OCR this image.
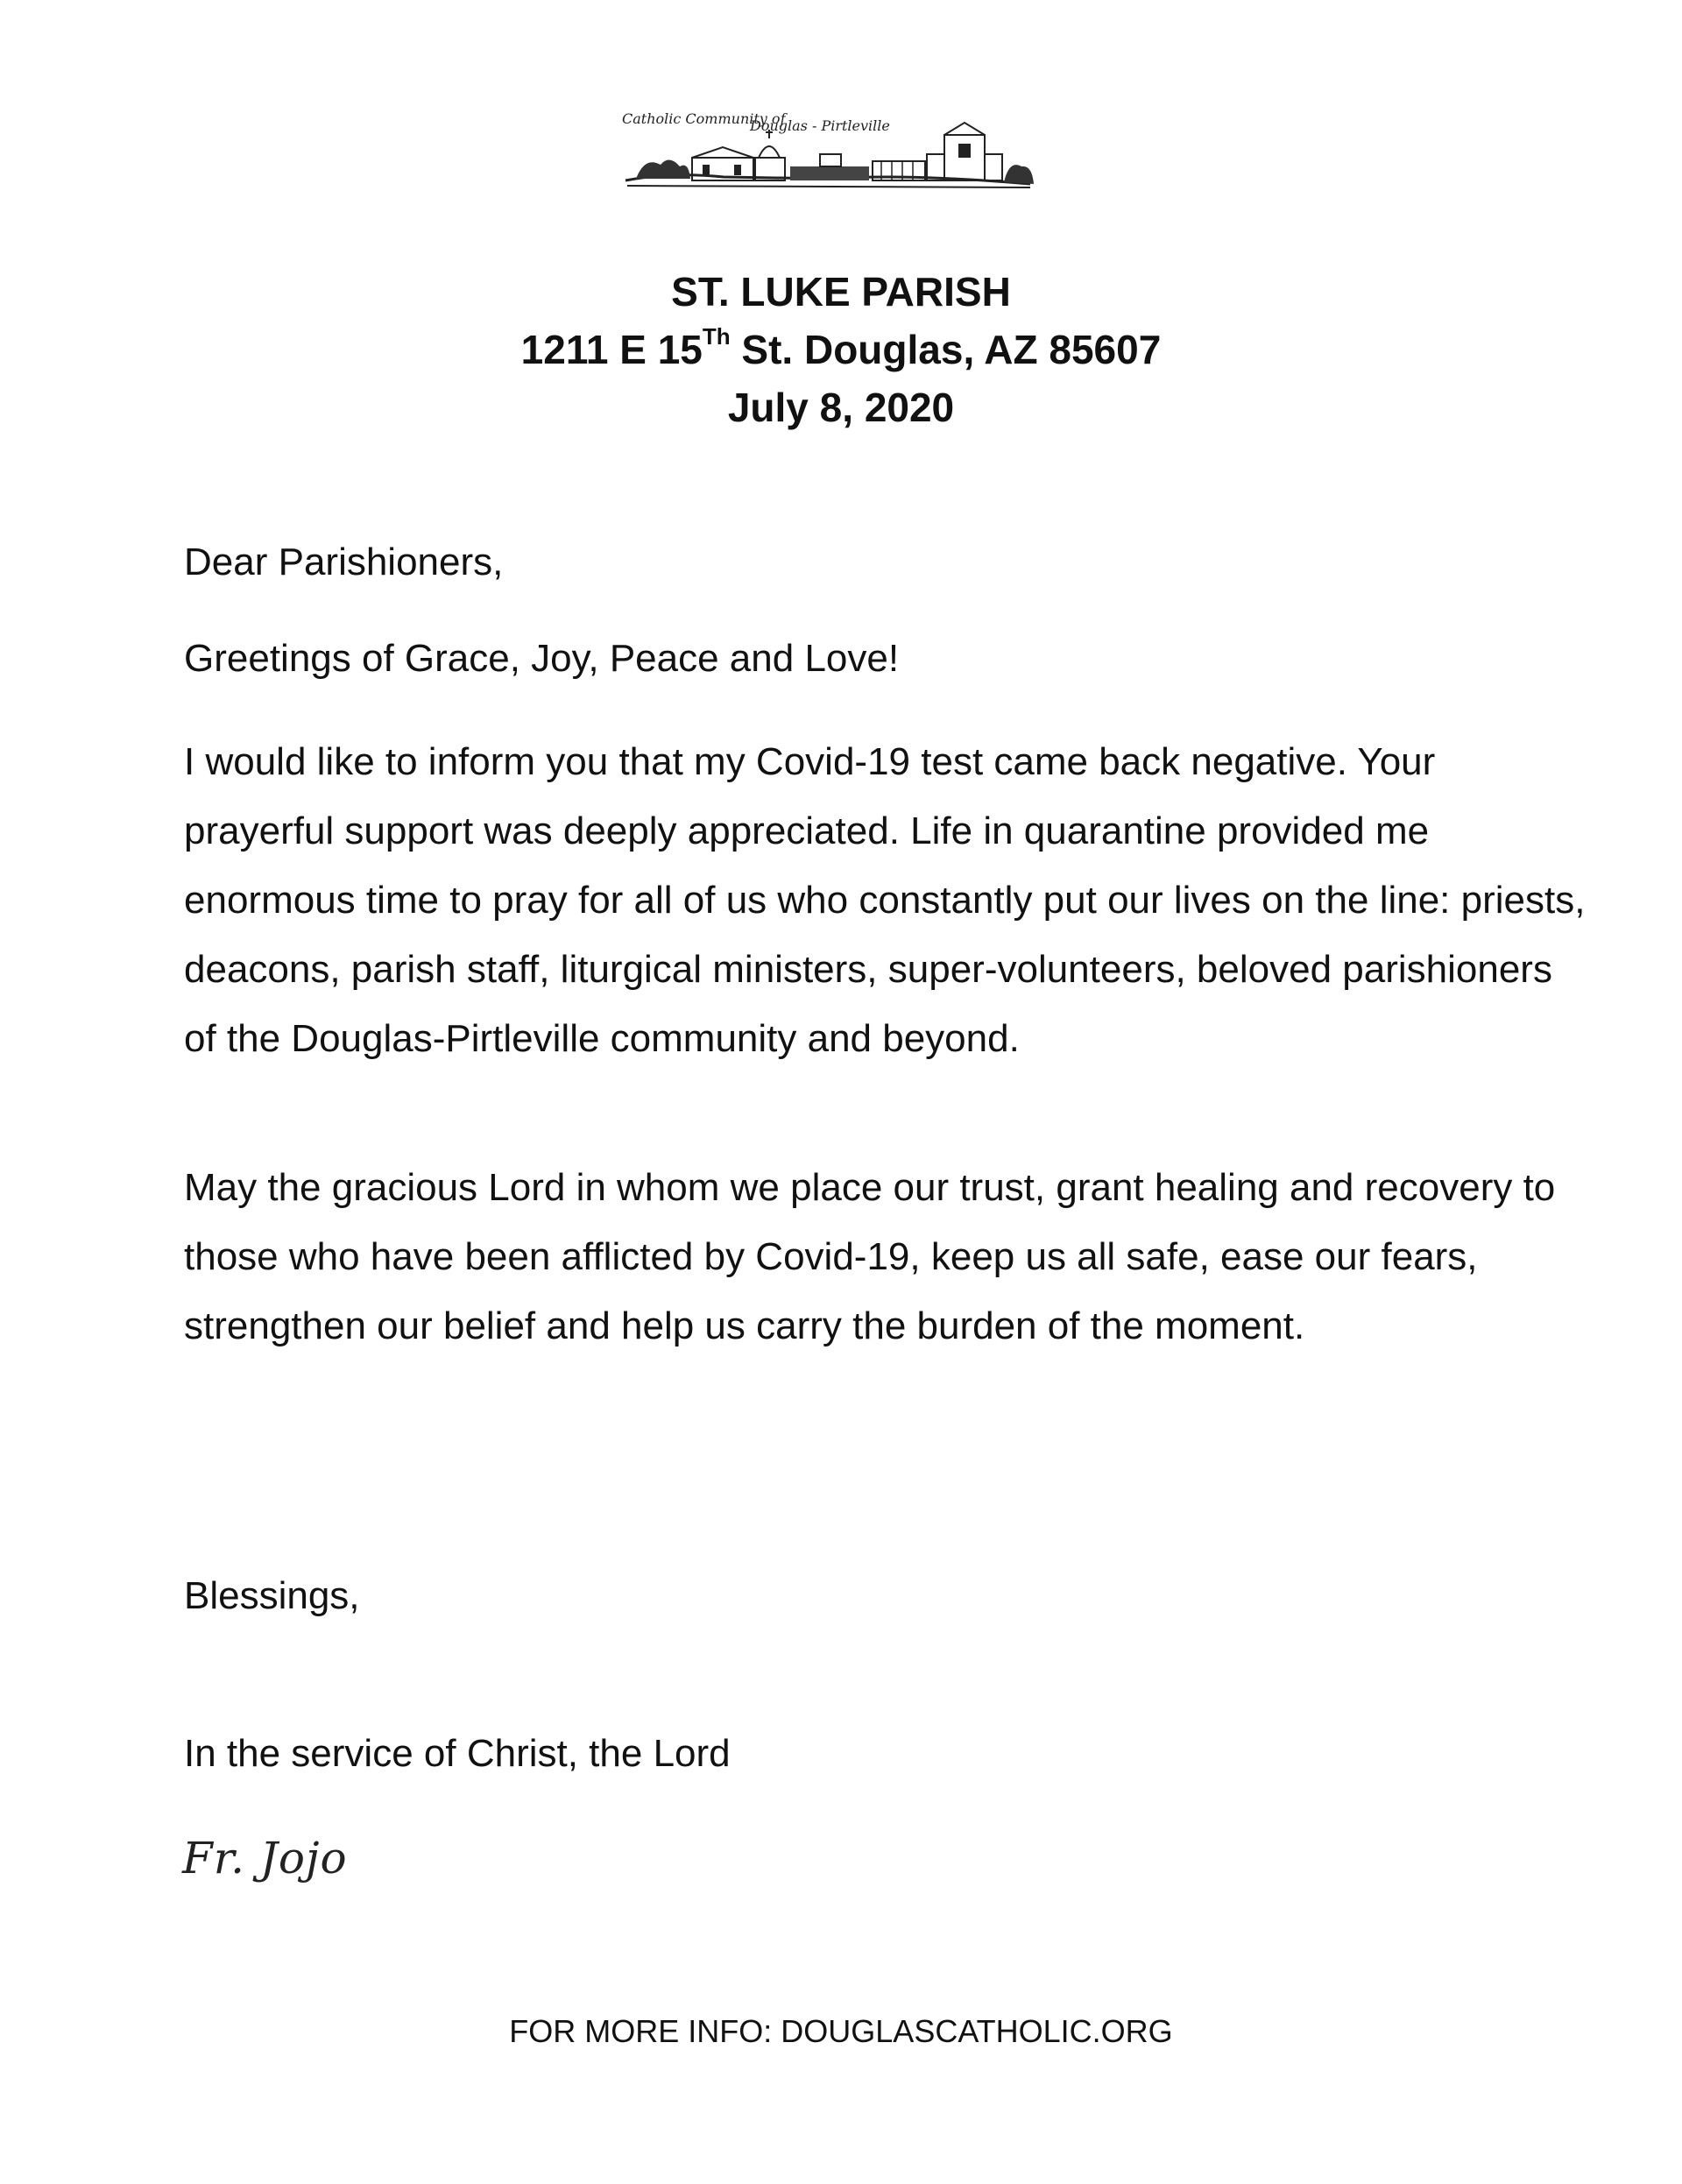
Catholic Community of
Douglas - Pirtleville
ST. LUKE PARISH
1211 E 15Th St. Douglas, AZ 85607
July 8, 2020
Dear Parishioners,
Greetings of Grace, Joy, Peace and Love!
I would like to inform you that my Covid-19 test came back negative. Your prayerful support was deeply appreciated. Life in quarantine provided me enormous time to pray for all of us who constantly put our lives on the line: priests, deacons, parish staff, liturgical ministers, super-volunteers, beloved parishioners of the Douglas-Pirtleville community and beyond.
May the gracious Lord in whom we place our trust, grant healing and recovery to those who have been afflicted by Covid-19, keep us all safe, ease our fears, strengthen our belief and help us carry the burden of the moment.
Blessings,
In the service of Christ, the Lord
Fr. Jojo
FOR MORE INFO: DOUGLASCATHOLIC.ORG
